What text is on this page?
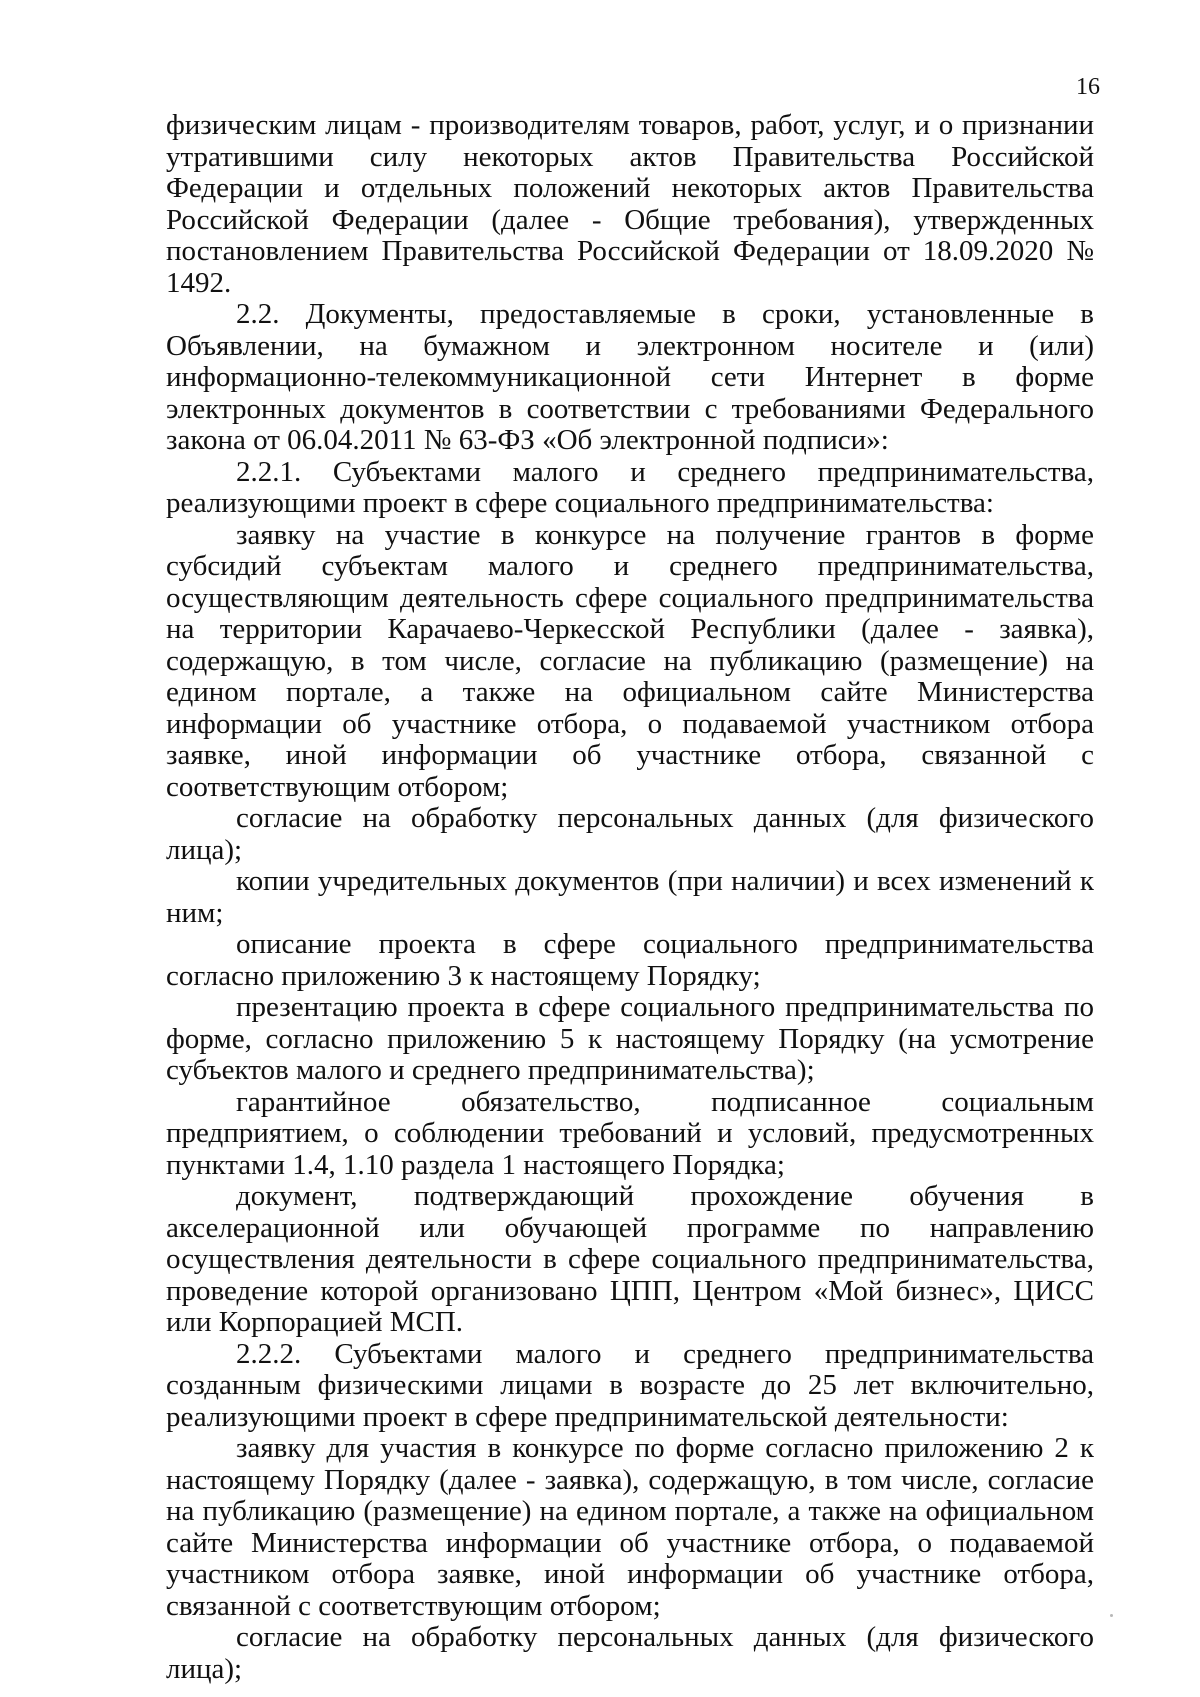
16

физическим лицам - производителям товаров, работ, услуг, и о признании утратившими силу некоторых актов Правительства Российской Федерации и отдельных положений некоторых актов Правительства Российской Федерации (далее - Общие требования), утвержденных постановлением Правительства Российской Федерации от 18.09.2020 № 1492.

2.2. Документы, предоставляемые в сроки, установленные в Объявлении, на бумажном и электронном носителе и (или) информационно-телекоммуникационной сети Интернет в форме электронных документов в соответствии с требованиями Федерального закона от 06.04.2011 № 63-ФЗ «Об электронной подписи»:

2.2.1. Субъектами малого и среднего предпринимательства, реализующими проект в сфере социального предпринимательства:

заявку на участие в конкурсе на получение грантов в форме субсидий субъектам малого и среднего предпринимательства, осуществляющим деятельность сфере социального предпринимательства на территории Карачаево-Черкесской Республики (далее - заявка), содержащую, в том числе, согласие на публикацию (размещение) на едином портале, а также на официальном сайте Министерства информации об участнике отбора, о подаваемой участником отбора заявке, иной информации об участнике отбора, связанной с соответствующим отбором;

согласие на обработку персональных данных (для физического лица);

копии учредительных документов (при наличии) и всех изменений к ним;

описание проекта в сфере социального предпринимательства согласно приложению 3 к настоящему Порядку;

презентацию проекта в сфере социального предпринимательства по форме, согласно приложению 5 к настоящему Порядку (на усмотрение субъектов малого и среднего предпринимательства);

гарантийное обязательство, подписанное социальным предприятием, о соблюдении требований и условий, предусмотренных пунктами 1.4, 1.10 раздела 1 настоящего Порядка;

документ, подтверждающий прохождение обучения в акселерационной или обучающей программе по направлению осуществления деятельности в сфере социального предпринимательства, проведение которой организовано ЦПП, Центром «Мой бизнес», ЦИСС или Корпорацией МСП.

2.2.2. Субъектами малого и среднего предпринимательства созданным физическими лицами в возрасте до 25 лет включительно, реализующими проект в сфере предпринимательской деятельности:

заявку для участия в конкурсе по форме согласно приложению 2 к настоящему Порядку (далее - заявка), содержащую, в том числе, согласие на публикацию (размещение) на едином портале, а также на официальном сайте Министерства информации об участнике отбора, о подаваемой участником отбора заявке, иной информации об участнике отбора, связанной с соответствующим отбором;

согласие на обработку персональных данных (для физического лица);
